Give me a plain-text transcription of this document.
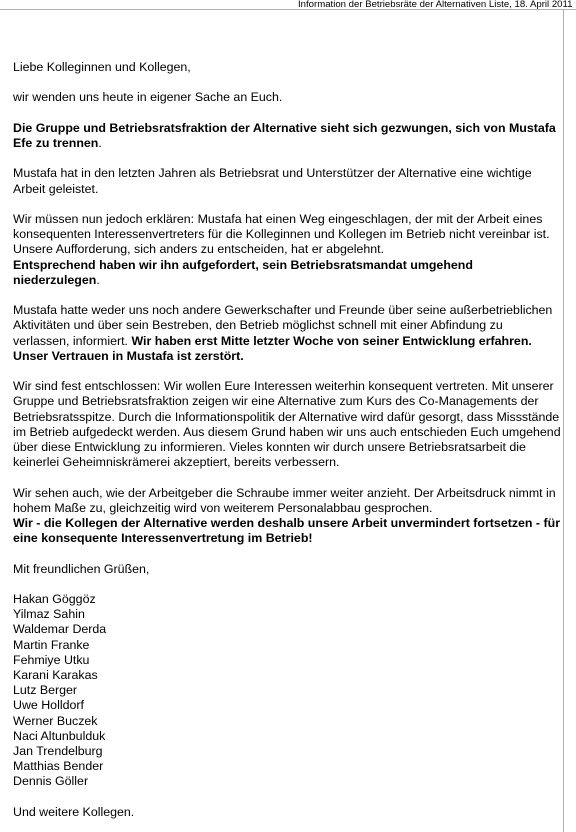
Information der Betriebsräte der Alternativen Liste, 18. April 2011

Liebe Kolleginnen und Kollegen,

wir wenden uns heute in eigener Sache an Euch.

Die Gruppe und Betriebsratsfraktion der Alternative sieht sich gezwungen, sich von Mustafa Efe zu trennen.

Mustafa hat in den letzten Jahren als Betriebsrat und Unterstützer der Alternative eine wichtige Arbeit geleistet.

Wir müssen nun jedoch erklären: Mustafa hat einen Weg eingeschlagen, der mit der Arbeit eines konsequenten Interessenvertreters für die Kolleginnen und Kollegen im Betrieb nicht vereinbar ist. Unsere Aufforderung, sich anders zu entscheiden, hat er abgelehnt.
Entsprechend haben wir ihn aufgefordert, sein Betriebsratsmandat umgehend niederzulegen.

Mustafa hatte weder uns noch andere Gewerkschafter und Freunde über seine außerbetrieblichen Aktivitäten und über sein Bestreben, den Betrieb möglichst schnell mit einer Abfindung zu verlassen, informiert. Wir haben erst Mitte letzter Woche von seiner Entwicklung erfahren. Unser Vertrauen in Mustafa ist zerstört.

Wir sind fest entschlossen: Wir wollen Eure Interessen weiterhin konsequent vertreten. Mit unserer Gruppe und Betriebsratsfraktion zeigen wir eine Alternative zum Kurs des Co-Managements der Betriebsratsspitze. Durch die Informationspolitik der Alternative wird dafür gesorgt, dass Missstände im Betrieb aufgedeckt werden. Aus diesem Grund haben wir uns auch entschieden Euch umgehend über diese Entwicklung zu informieren. Vieles konnten wir durch unsere Betriebsratsarbeit die keinerlei Geheimniskrämerei akzeptiert, bereits verbessern.

Wir sehen auch, wie der Arbeitgeber die Schraube immer weiter anzieht. Der Arbeitsdruck nimmt in hohem Maße zu, gleichzeitig wird von weiterem Personalabbau gesprochen.
Wir - die Kollegen der Alternative werden deshalb unsere Arbeit unvermindert fortsetzen - für eine konsequente Interessenvertretung im Betrieb!

Mit freundlichen Grüßen,

Hakan Göggöz
Yilmaz Sahin
Waldemar Derda
Martin Franke
Fehmiye Utku
Karani Karakas
Lutz Berger
Uwe Holldorf
Werner Buczek
Naci Altunbulduk
Jan Trendelburg
Matthias Bender
Dennis Göller

Und weitere Kollegen.
